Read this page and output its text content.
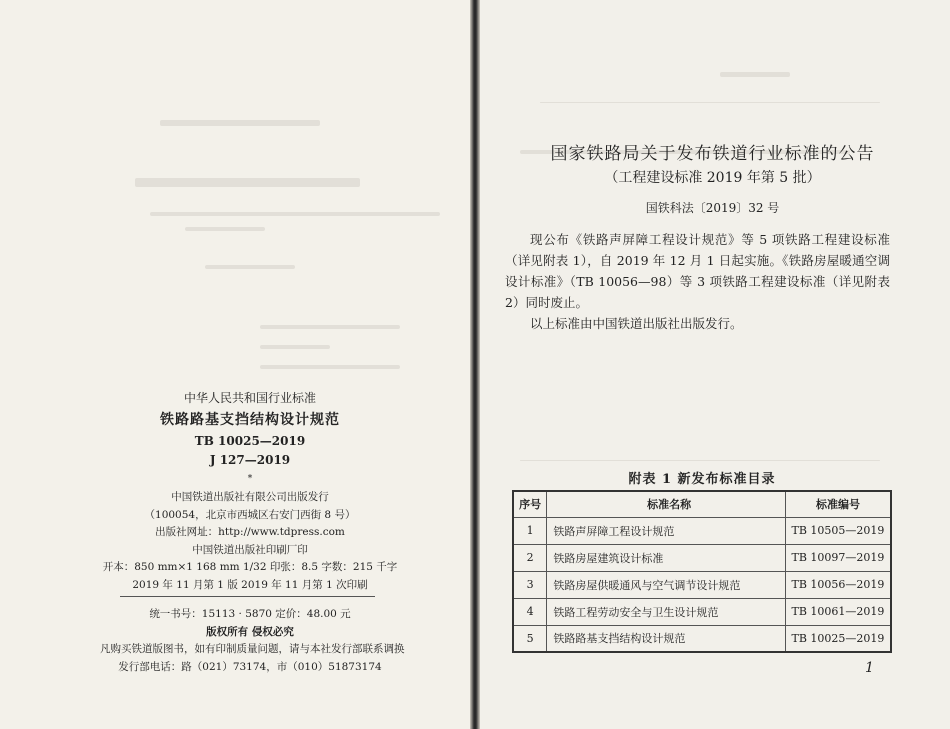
中华人民共和国行业标准
铁路路基支挡结构设计规范
TB 10025—2019
J 127—2019
*
中国铁道出版社有限公司出版发行
（100054，北京市西城区右安门西街 8 号）
出版社网址：http://www.tdpress.com
中国铁道出版社印刷厂印
开本：850 mm×1 168 mm 1/32 印张：8.5 字数：215 千字
2019 年 11 月第 1 版 2019 年 11 月第 1 次印刷
统一书号：15113 · 5870 定价：48.00 元
版权所有 侵权必究
凡购买铁道版图书，如有印制质量问题，请与本社发行部联系调换
发行部电话：路（021）73174，市（010）51873174
国家铁路局关于发布铁道行业标准的公告
（工程建设标准 2019 年第 5 批）
国铁科法〔2019〕32 号

现公布《铁路声屏障工程设计规范》等 5 项铁路工程建设标准（详见附表 1），自 2019 年 12 月 1 日起实施。《铁路房屋暖通空调设计标准》（TB 10056—98）等 3 项铁路工程建设标准（详见附表 2）同时废止。

以上标准由中国铁道出版社出版发行。

附表 1 新发布标准目录
序号	标准名称	标准编号
1	铁路声屏障工程设计规范	TB 10505—2019
2	铁路房屋建筑设计标准	TB 10097—2019
3	铁路房屋供暖通风与空气调节设计规范	TB 10056—2019
4	铁路工程劳动安全与卫生设计规范	TB 10061—2019
5	铁路路基支挡结构设计规范	TB 10025—2019
1
